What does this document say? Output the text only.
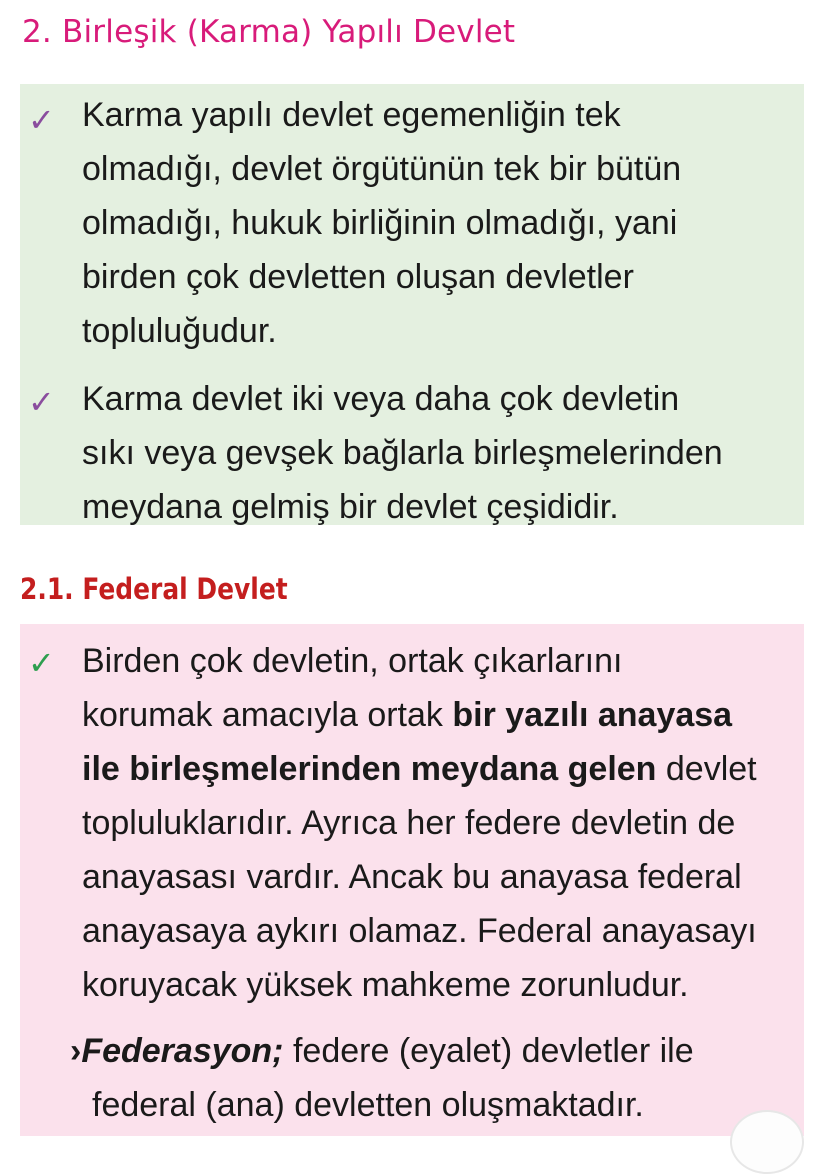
2. Birleşik (Karma) Yapılı Devlet
✓ Karma yapılı devlet egemenliğin tek
olmadığı, devlet örgütünün tek bir bütün
olmadığı, hukuk birliğinin olmadığı, yani
birden çok devletten oluşan devletler
topluluğudur.
✓ Karma devlet iki veya daha çok devletin
sıkı veya gevşek bağlarla birleşmelerinden
meydana gelmiş bir devlet çeşididir.
2.1. Federal Devlet
✓ Birden çok devletin, ortak çıkarlarını
korumak amacıyla ortak bir yazılı anayasa
ile birleşmelerinden meydana gelen devlet
topluluklarıdır. Ayrıca her federe devletin de
anayasası vardır. Ancak bu anayasa federal
anayasaya aykırı olamaz. Federal anayasayı
koruyacak yüksek mahkeme zorunludur.
›Federasyon; federe (eyalet) devletler ile
federal (ana) devletten oluşmaktadır.
